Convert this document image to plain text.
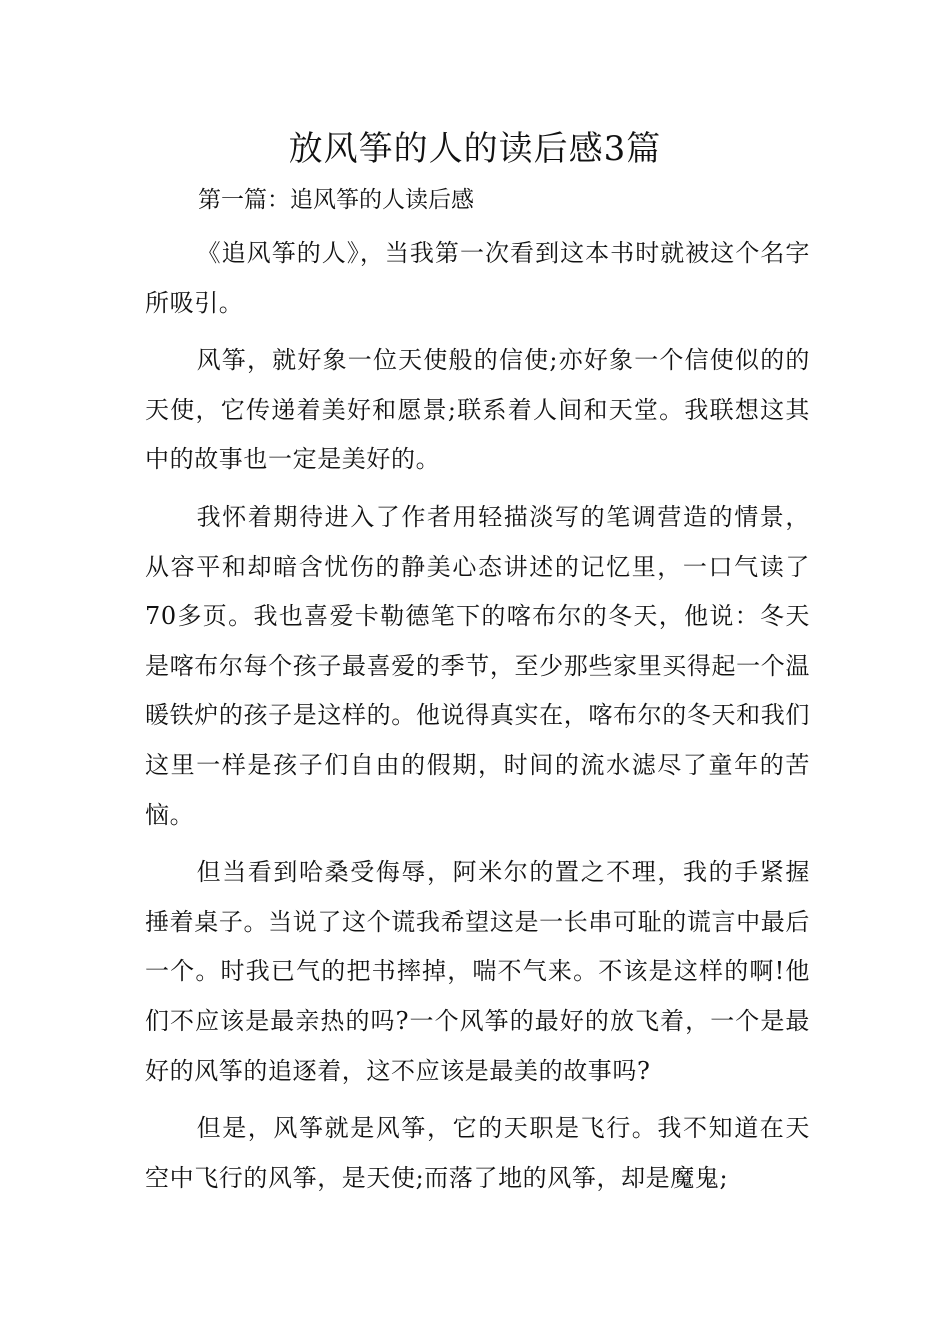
放风筝的人的读后感3篇

第一篇：追风筝的人读后感

《追风筝的人》，当我第一次看到这本书时就被这个名字所吸引。

风筝，就好象一位天使般的信使;亦好象一个信使似的的天使，它传递着美好和愿景;联系着人间和天堂。我联想这其中的故事也一定是美好的。

我怀着期待进入了作者用轻描淡写的笔调营造的情景，从容平和却暗含忧伤的静美心态讲述的记忆里，一口气读了70多页。我也喜爱卡勒德笔下的喀布尔的冬天，他说：冬天是喀布尔每个孩子最喜爱的季节，至少那些家里买得起一个温暖铁炉的孩子是这样的。他说得真实在，喀布尔的冬天和我们这里一样是孩子们自由的假期，时间的流水滤尽了童年的苦恼。

但当看到哈桑受侮辱，阿米尔的置之不理，我的手紧握捶着桌子。当说了这个谎我希望这是一长串可耻的谎言中最后一个。时我已气的把书摔掉，喘不气来。不该是这样的啊!他们不应该是最亲热的吗?一个风筝的最好的放飞着，一个是最好的风筝的追逐着，这不应该是最美的故事吗?

但是，风筝就是风筝，它的天职是飞行。我不知道在天空中飞行的风筝，是天使;而落了地的风筝，却是魔鬼;
